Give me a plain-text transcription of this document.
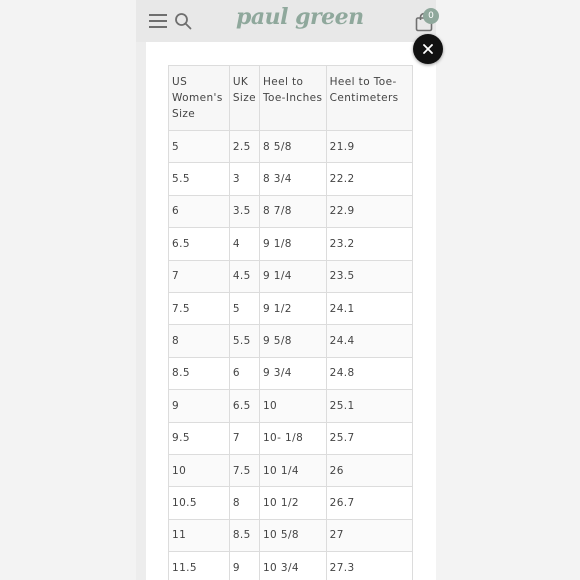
paul green	0
US Women's Size	UK Size	Heel to Toe-Inches	Heel to Toe-Centimeters
5	2.5	8 5/8	21.9
5.5	3	8 3/4	22.2
6	3.5	8 7/8	22.9
6.5	4	9 1/8	23.2
7	4.5	9 1/4	23.5
7.5	5	9 1/2	24.1
8	5.5	9 5/8	24.4
8.5	6	9 3/4	24.8
9	6.5	10	25.1
9.5	7	10- 1/8	25.7
10	7.5	10 1/4	26
10.5	8	10 1/2	26.7
11	8.5	10 5/8	27
11.5	9	10 3/4	27.3
